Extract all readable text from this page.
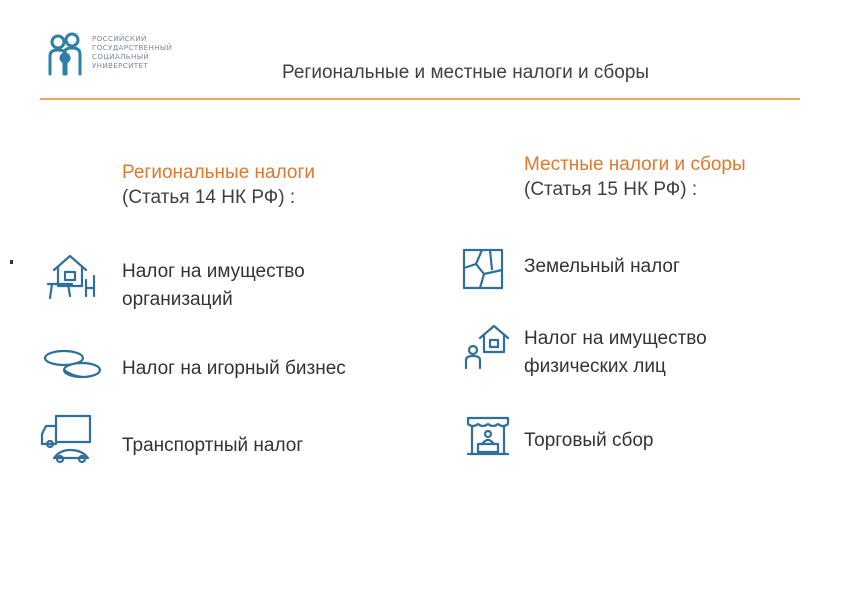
РОССИЙСКИЙ
ГОСУДАРСТВЕННЫЙ
СОЦИАЛЬНЫЙ
УНИВЕРСИТЕТ	Региональные и местные налоги и сборы
Региональные налоги
(Статья 14 НК РФ) :
Местные налоги и сборы
(Статья 15 НК РФ) :
Налог на имущество
организаций
Налог на игорный бизнес
Транспортный налог
Земельный налог
Налог на имущество
физических лиц
Торговый сбор
